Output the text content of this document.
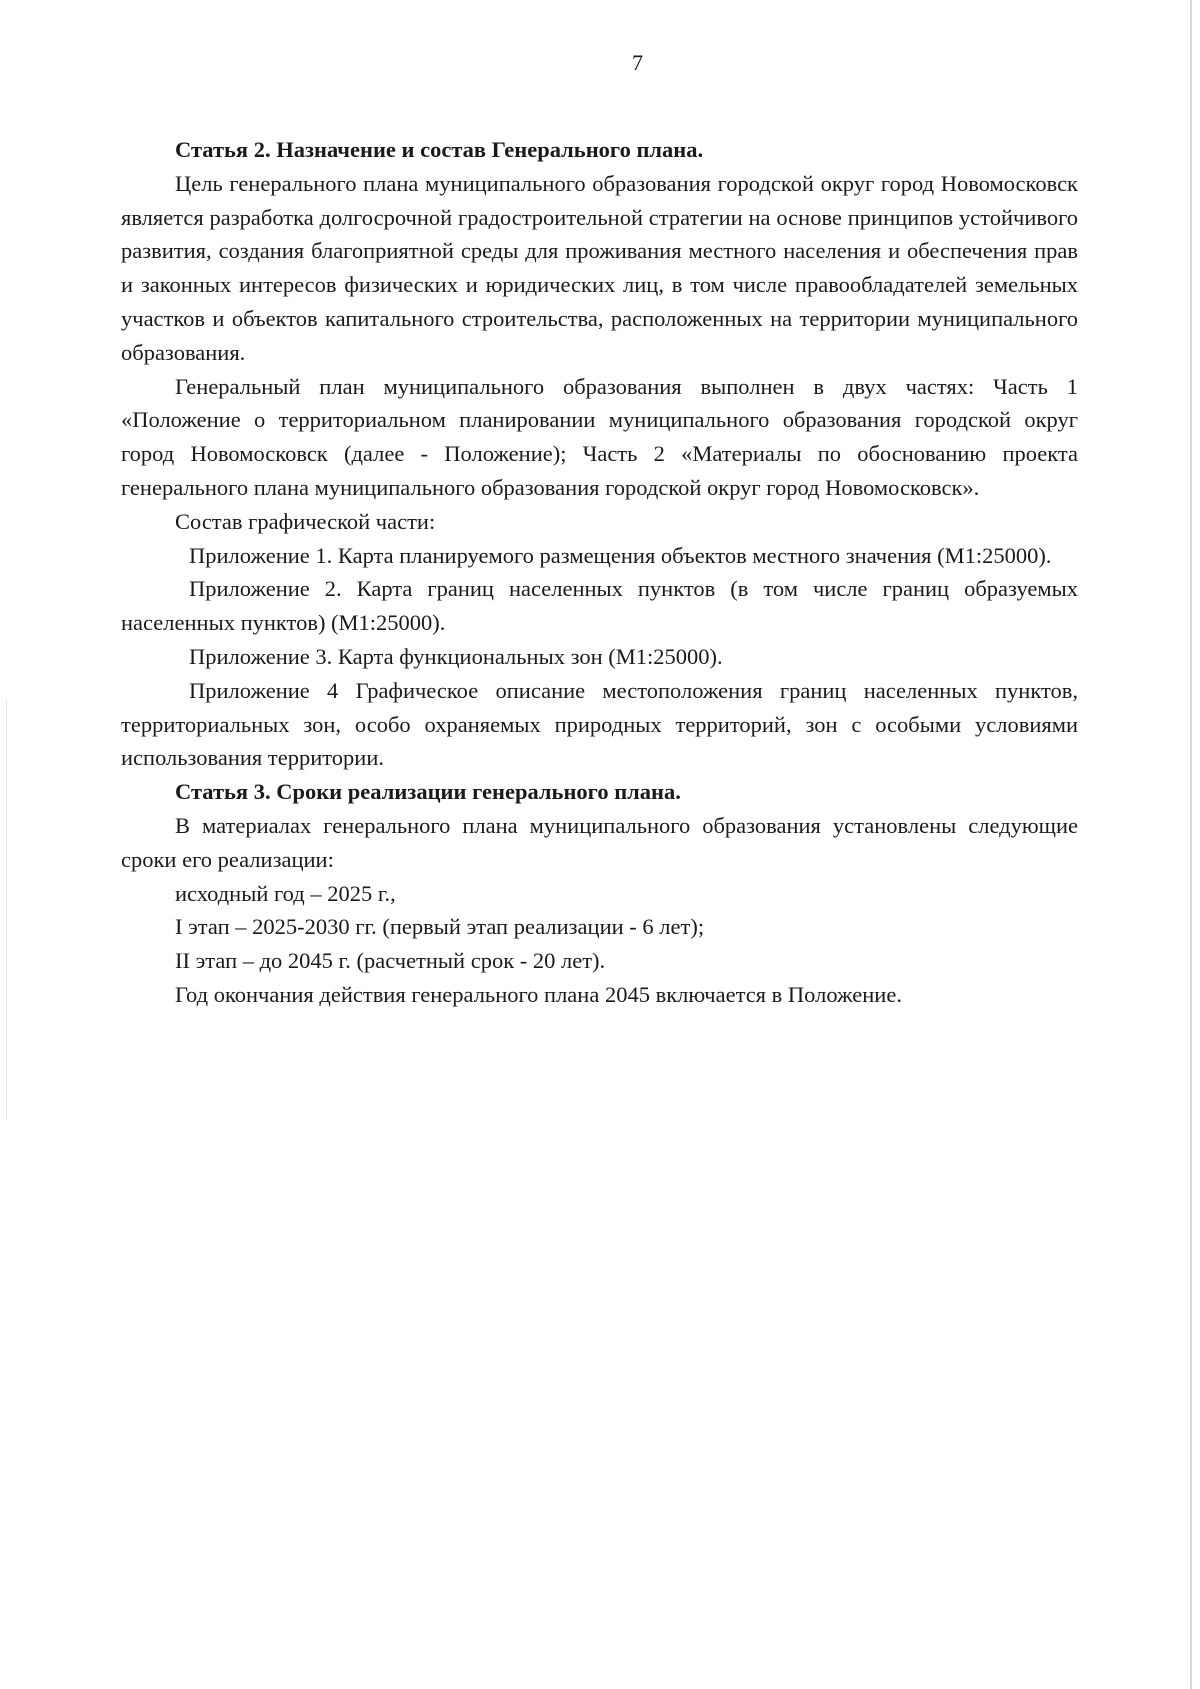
7

Статья 2. Назначение и состав Генерального плана.

Цель генерального плана муниципального образования городской округ город Новомосковск является разработка долгосрочной градостроительной стратегии на основе принципов устойчивого развития, создания благоприятной среды для проживания местного населения и обеспечения прав и законных интересов физических и юридических лиц, в том числе правообладателей земельных участков и объектов капитального строительства, расположенных на территории муниципального образования.

Генеральный план муниципального образования выполнен в двух частях: Часть 1 «Положение о территориальном планировании муниципального образования городской округ город Новомосковск (далее - Положение); Часть 2 «Материалы по обоснованию проекта генерального плана муниципального образования городской округ город Новомосковск».

Состав графической части:

Приложение 1. Карта планируемого размещения объектов местного значения (М1:25000).

Приложение 2. Карта границ населенных пунктов (в том числе границ образуемых населенных пунктов) (М1:25000).

Приложение 3. Карта функциональных зон (М1:25000).

Приложение 4 Графическое описание местоположения границ населенных пунктов, территориальных зон, особо охраняемых природных территорий, зон с особыми условиями использования территории.

Статья 3. Сроки реализации генерального плана.

В материалах генерального плана муниципального образования установлены следующие сроки его реализации:

исходный год – 2025 г.,

I этап – 2025-2030 гг. (первый этап реализации - 6 лет);

II этап – до 2045 г. (расчетный срок - 20 лет).

Год окончания действия генерального плана 2045 включается в Положение.
